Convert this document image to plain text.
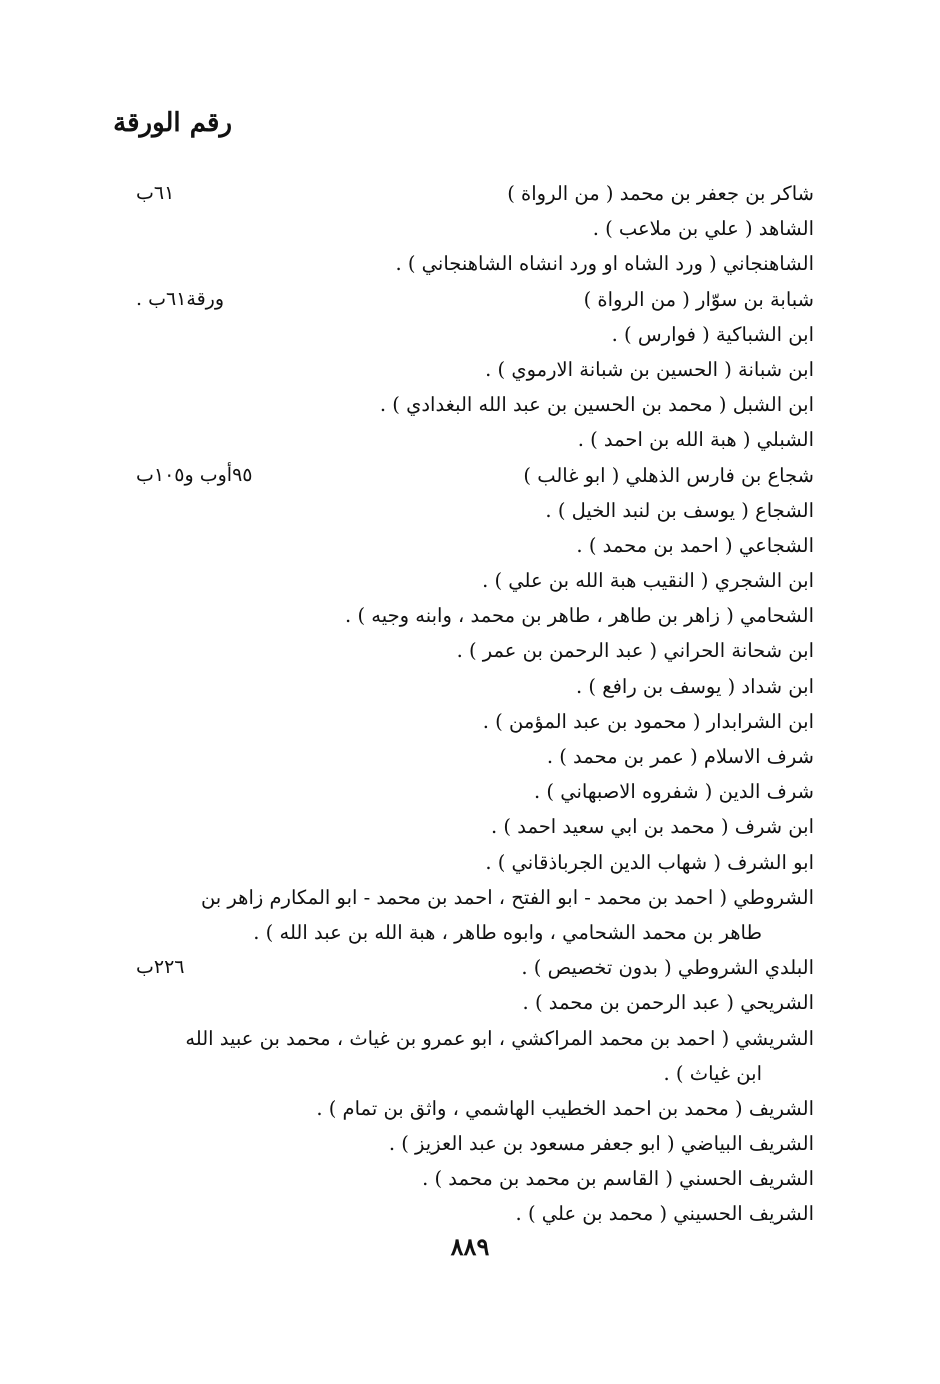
رقم الورقة
شاكر بن جعفر بن محمد ( من الرواة )
٦١ب
الشاهد ( علي بن ملاعب ) .
الشاهنجاني ( ورد الشاه او ورد انشاه الشاهنجاني ) .
شبابة بن سوّار ( من الرواة )
ورقة٦١ب .
ابن الشباكية ( فوارس ) .
ابن شبانة ( الحسين بن شبانة الارموي ) .
ابن الشبل ( محمد بن الحسين بن عبد الله البغدادي ) .
الشبلي ( هبة الله بن احمد ) .
شجاع بن فارس الذهلي ( ابو غالب )
٩٥أوب و١٠٥ب
الشجاع ( يوسف بن لنبد الخيل ) .
الشجاعي ( احمد بن محمد ) .
ابن الشجري ( النقيب هبة الله بن علي ) .
الشحامي ( زاهر بن طاهر ، طاهر بن محمد ، وابنه وجيه ) .
ابن شحانة الحراني ( عبد الرحمن بن عمر ) .
ابن شداد ( يوسف بن رافع ) .
ابن الشرابدار ( محمود بن عبد المؤمن ) .
شرف الاسلام ( عمر بن محمد ) .
شرف الدين ( شفروه الاصبهاني ) .
ابن شرف ( محمد بن ابي سعيد احمد ) .
ابو الشرف ( شهاب الدين الجرباذقاني ) .
الشروطي ( احمد بن محمد - ابو الفتح ، احمد بن محمد - ابو المكارم زاهر بن
طاهر بن محمد الشحامي ، وابوه طاهر ، هبة الله بن عبد الله ) .
البلدي الشروطي ( بدون تخصيص ) .
٢٢٦ب
الشريحي ( عبد الرحمن بن محمد ) .
الشريشي ( احمد بن محمد المراكشي ، ابو عمرو بن غياث ، محمد بن عبيد الله
ابن غياث ) .
الشريف ( محمد بن احمد الخطيب الهاشمي ، واثق بن تمام ) .
الشريف البياضي ( ابو جعفر مسعود بن عبد العزيز ) .
الشريف الحسني ( القاسم بن محمد بن محمد ) .
الشريف الحسيني ( محمد بن علي ) .
٨٨٩
